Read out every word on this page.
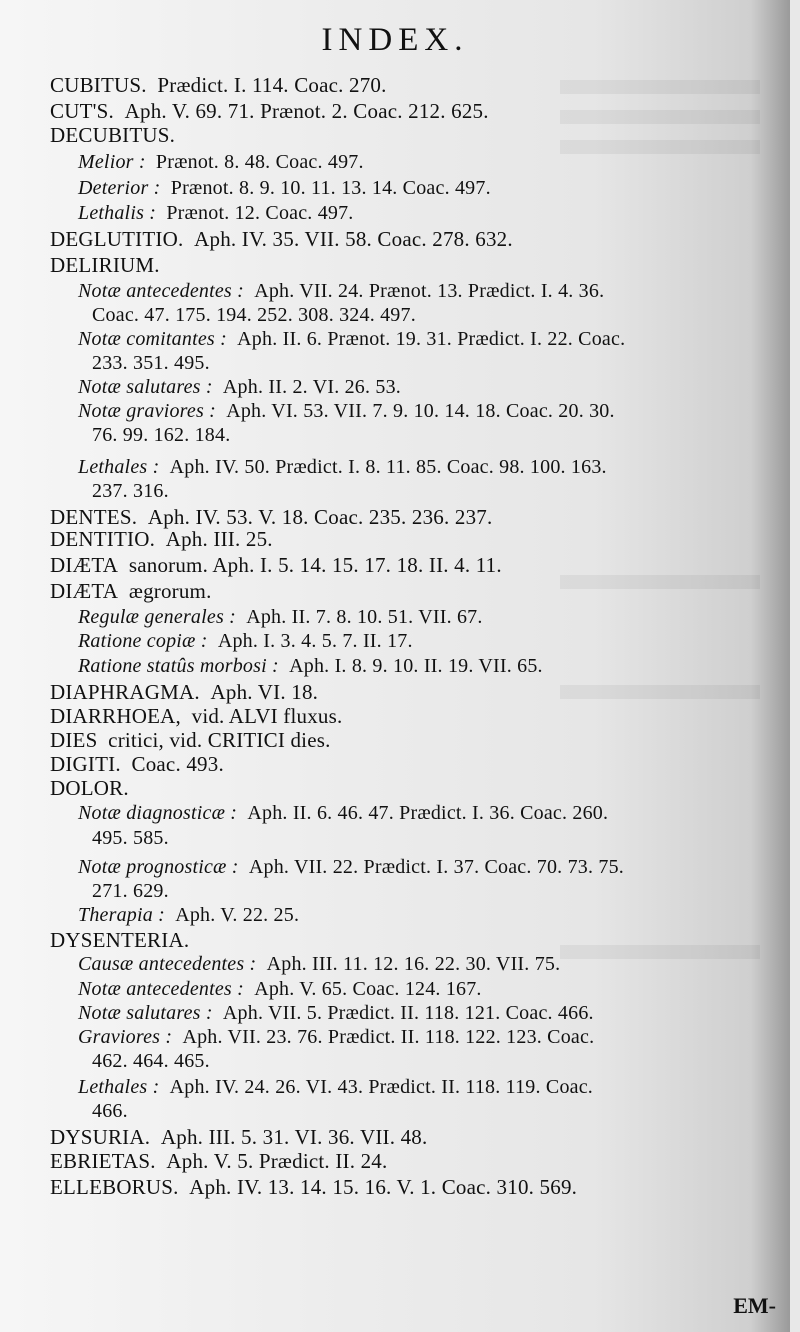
INDEX.
CUBITUS.  Prædict. I. 114. Coac. 270.
CUT'S.  Aph. V. 69. 71. Prænot. 2. Coac. 212. 625.
DECUBITUS.
Melior :  Prænot. 8. 48. Coac. 497.
Deterior :  Prænot. 8. 9. 10. 11. 13. 14. Coac. 497.
Lethalis :  Prænot. 12. Coac. 497.
DEGLUTITIO.  Aph. IV. 35. VII. 58. Coac. 278. 632.
DELIRIUM.
Notæ antecedentes :  Aph. VII. 24. Prænot. 13. Prædict. I. 4. 36.
Coac. 47. 175. 194. 252. 308. 324. 497.
Notæ comitantes :  Aph. II. 6. Prænot. 19. 31. Prædict. I. 22. Coac.
233. 351. 495.
Notæ salutares :  Aph. II. 2. VI. 26. 53.
Notæ graviores :  Aph. VI. 53. VII. 7. 9. 10. 14. 18. Coac. 20. 30.
76. 99. 162. 184.
Lethales :  Aph. IV. 50. Prædict. I. 8. 11. 85. Coac. 98. 100. 163.
237. 316.
DENTES.  Aph. IV. 53. V. 18. Coac. 235. 236. 237.
DENTITIO.  Aph. III. 25.
DIÆTA  sanorum. Aph. I. 5. 14. 15. 17. 18. II. 4. 11.
DIÆTA  ægrorum.
Regulæ generales :  Aph. II. 7. 8. 10. 51. VII. 67.
Ratione copiæ :  Aph. I. 3. 4. 5. 7. II. 17.
Ratione statûs morbosi :  Aph. I. 8. 9. 10. II. 19. VII. 65.
DIAPHRAGMA.  Aph. VI. 18.
DIARRHOEA,  vid. ALVI fluxus.
DIES  critici, vid. CRITICI dies.
DIGITI.  Coac. 493.
DOLOR.
Notæ diagnosticæ :  Aph. II. 6. 46. 47. Prædict. I. 36. Coac. 260.
495. 585.
Notæ prognosticæ :  Aph. VII. 22. Prædict. I. 37. Coac. 70. 73. 75.
271. 629.
Therapia :  Aph. V. 22. 25.
DYSENTERIA.
Causæ antecedentes :  Aph. III. 11. 12. 16. 22. 30. VII. 75.
Notæ antecedentes :  Aph. V. 65. Coac. 124. 167.
Notæ salutares :  Aph. VII. 5. Prædict. II. 118. 121. Coac. 466.
Graviores :  Aph. VII. 23. 76. Prædict. II. 118. 122. 123. Coac.
462. 464. 465.
Lethales :  Aph. IV. 24. 26. VI. 43. Prædict. II. 118. 119. Coac.
466.
DYSURIA.  Aph. III. 5. 31. VI. 36. VII. 48.
EBRIETAS.  Aph. V. 5. Prædict. II. 24.
ELLEBORUS.  Aph. IV. 13. 14. 15. 16. V. 1. Coac. 310. 569.
EM-
